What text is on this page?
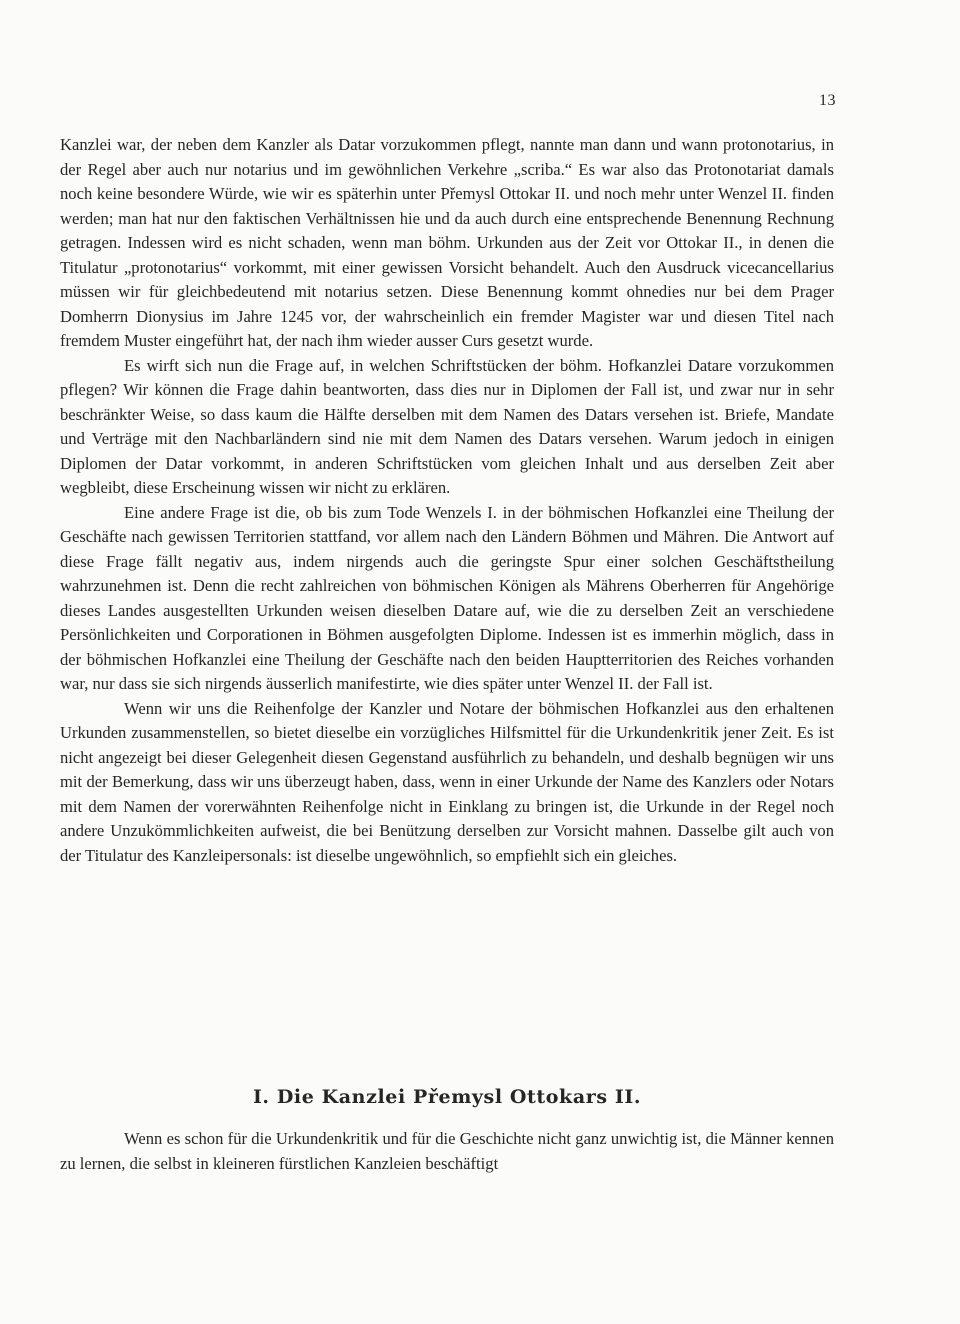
13

Kanzlei war, der neben dem Kanzler als Datar vorzukommen pflegt, nannte man dann und wann protonotarius, in der Regel aber auch nur notarius und im gewöhnlichen Verkehre „scriba.“ Es war also das Protonotariat damals noch keine besondere Würde, wie wir es späterhin unter Přemysl Ottokar II. und noch mehr unter Wenzel II. finden werden; man hat nur den faktischen Verhältnissen hie und da auch durch eine entsprechende Benennung Rechnung getragen. Indessen wird es nicht schaden, wenn man böhm. Urkunden aus der Zeit vor Ottokar II., in denen die Titulatur „protonotarius“ vorkommt, mit einer gewissen Vorsicht behandelt. Auch den Ausdruck vicecancellarius müssen wir für gleichbedeutend mit notarius setzen. Diese Benennung kommt ohnedies nur bei dem Prager Domherrn Dionysius im Jahre 1245 vor, der wahrscheinlich ein fremder Magister war und diesen Titel nach fremdem Muster eingeführt hat, der nach ihm wieder ausser Curs gesetzt wurde.

Es wirft sich nun die Frage auf, in welchen Schriftstücken der böhm. Hofkanzlei Datare vorzukommen pflegen? Wir können die Frage dahin beantworten, dass dies nur in Diplomen der Fall ist, und zwar nur in sehr beschränkter Weise, so dass kaum die Hälfte derselben mit dem Namen des Datars versehen ist. Briefe, Mandate und Verträge mit den Nachbarländern sind nie mit dem Namen des Datars versehen. Warum jedoch in einigen Diplomen der Datar vorkommt, in anderen Schriftstücken vom gleichen Inhalt und aus derselben Zeit aber wegbleibt, diese Erscheinung wissen wir nicht zu erklären.

Eine andere Frage ist die, ob bis zum Tode Wenzels I. in der böhmischen Hofkanzlei eine Theilung der Geschäfte nach gewissen Territorien stattfand, vor allem nach den Ländern Böhmen und Mähren. Die Antwort auf diese Frage fällt negativ aus, indem nirgends auch die geringste Spur einer solchen Geschäftstheilung wahrzunehmen ist. Denn die recht zahlreichen von böhmischen Königen als Mährens Oberherren für Angehörige dieses Landes ausgestellten Urkunden weisen dieselben Datare auf, wie die zu derselben Zeit an verschiedene Persönlichkeiten und Corporationen in Böhmen ausgefolgten Diplome. Indessen ist es immerhin möglich, dass in der böhmischen Hofkanzlei eine Theilung der Geschäfte nach den beiden Hauptterritorien des Reiches vorhanden war, nur dass sie sich nirgends äusserlich manifestirte, wie dies später unter Wenzel II. der Fall ist.

Wenn wir uns die Reihenfolge der Kanzler und Notare der böhmischen Hofkanzlei aus den erhaltenen Urkunden zusammenstellen, so bietet dieselbe ein vorzügliches Hilfsmittel für die Urkundenkritik jener Zeit. Es ist nicht angezeigt bei dieser Gelegenheit diesen Gegenstand ausführlich zu behandeln, und deshalb begnügen wir uns mit der Bemerkung, dass wir uns überzeugt haben, dass, wenn in einer Urkunde der Name des Kanzlers oder Notars mit dem Namen der vorerwähnten Reihenfolge nicht in Einklang zu bringen ist, die Urkunde in der Regel noch andere Unzukömmlichkeiten aufweist, die bei Benützung derselben zur Vorsicht mahnen. Dasselbe gilt auch von der Titulatur des Kanzleipersonals: ist dieselbe ungewöhnlich, so empfiehlt sich ein gleiches.

I. Die Kanzlei Přemysl Ottokars II.

Wenn es schon für die Urkundenkritik und für die Geschichte nicht ganz unwichtig ist, die Männer kennen zu lernen, die selbst in kleineren fürstlichen Kanzleien beschäftigt
